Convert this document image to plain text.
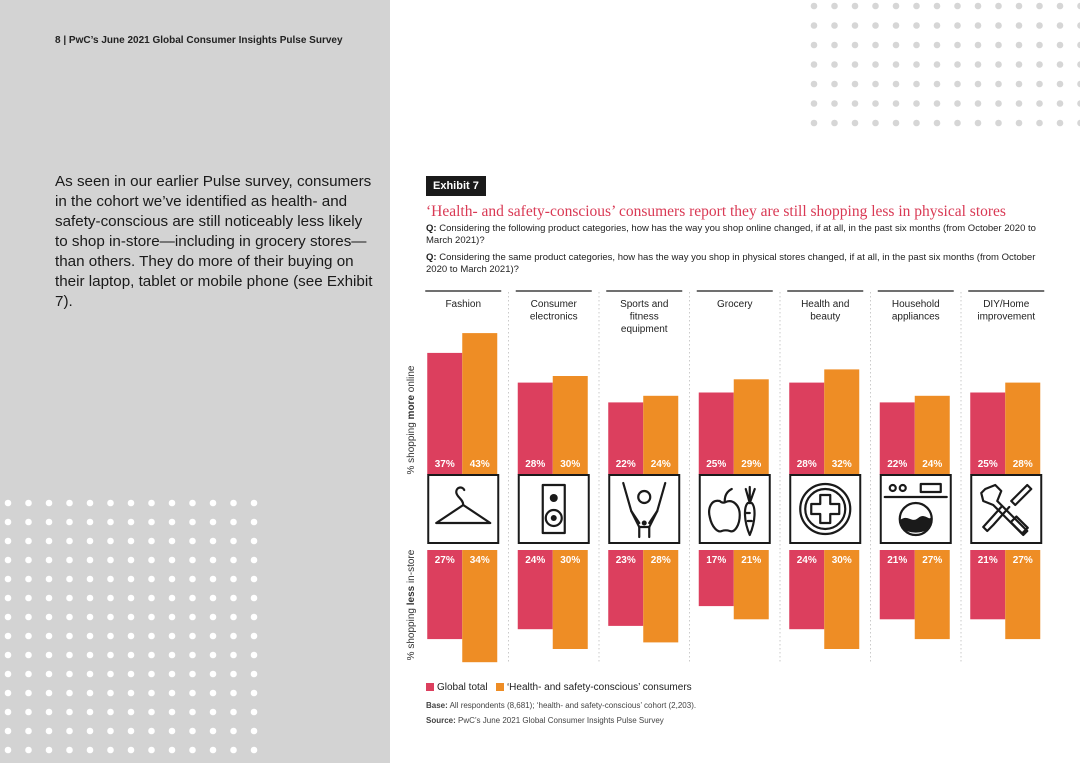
8 | PwC’s June 2021 Global Consumer Insights Pulse Survey
As seen in our earlier Pulse survey, consumers in the cohort we’ve identified as health- and safety-conscious are still noticeably less likely to shop in-store—including in grocery stores—than others. They do more of their buying on their laptop, tablet or mobile phone (see Exhibit 7).
Exhibit 7
‘Health- and safety-conscious’ consumers report they are still shopping less in physical stores
Q: Considering the following product categories, how has the way you shop online changed, if at all, in the past six months (from October 2020 to March 2021)?
Q: Considering the same product categories, how has the way you shop in physical stores changed, if at all, in the past six months (from October 2020 to March 2021)?
Fashion
37%
27%
43%
34%
Consumer
electronics
28%
24%
30%
30%
Sports and
fitness
equipment
22%
23%
24%
28%
Grocery
25%
17%
29%
21%
Health and
beauty
28%
24%
32%
30%
Household
appliances
22%
21%
24%
27%
DIY/Home
improvement
25%
21%
28%
27%
% shopping more online
% shopping less in-store
Global total ‘Health- and safety-conscious’ consumers
Base: All respondents (8,681); ‘health- and safety-conscious’ cohort (2,203).
Source: PwC’s June 2021 Global Consumer Insights Pulse Survey
